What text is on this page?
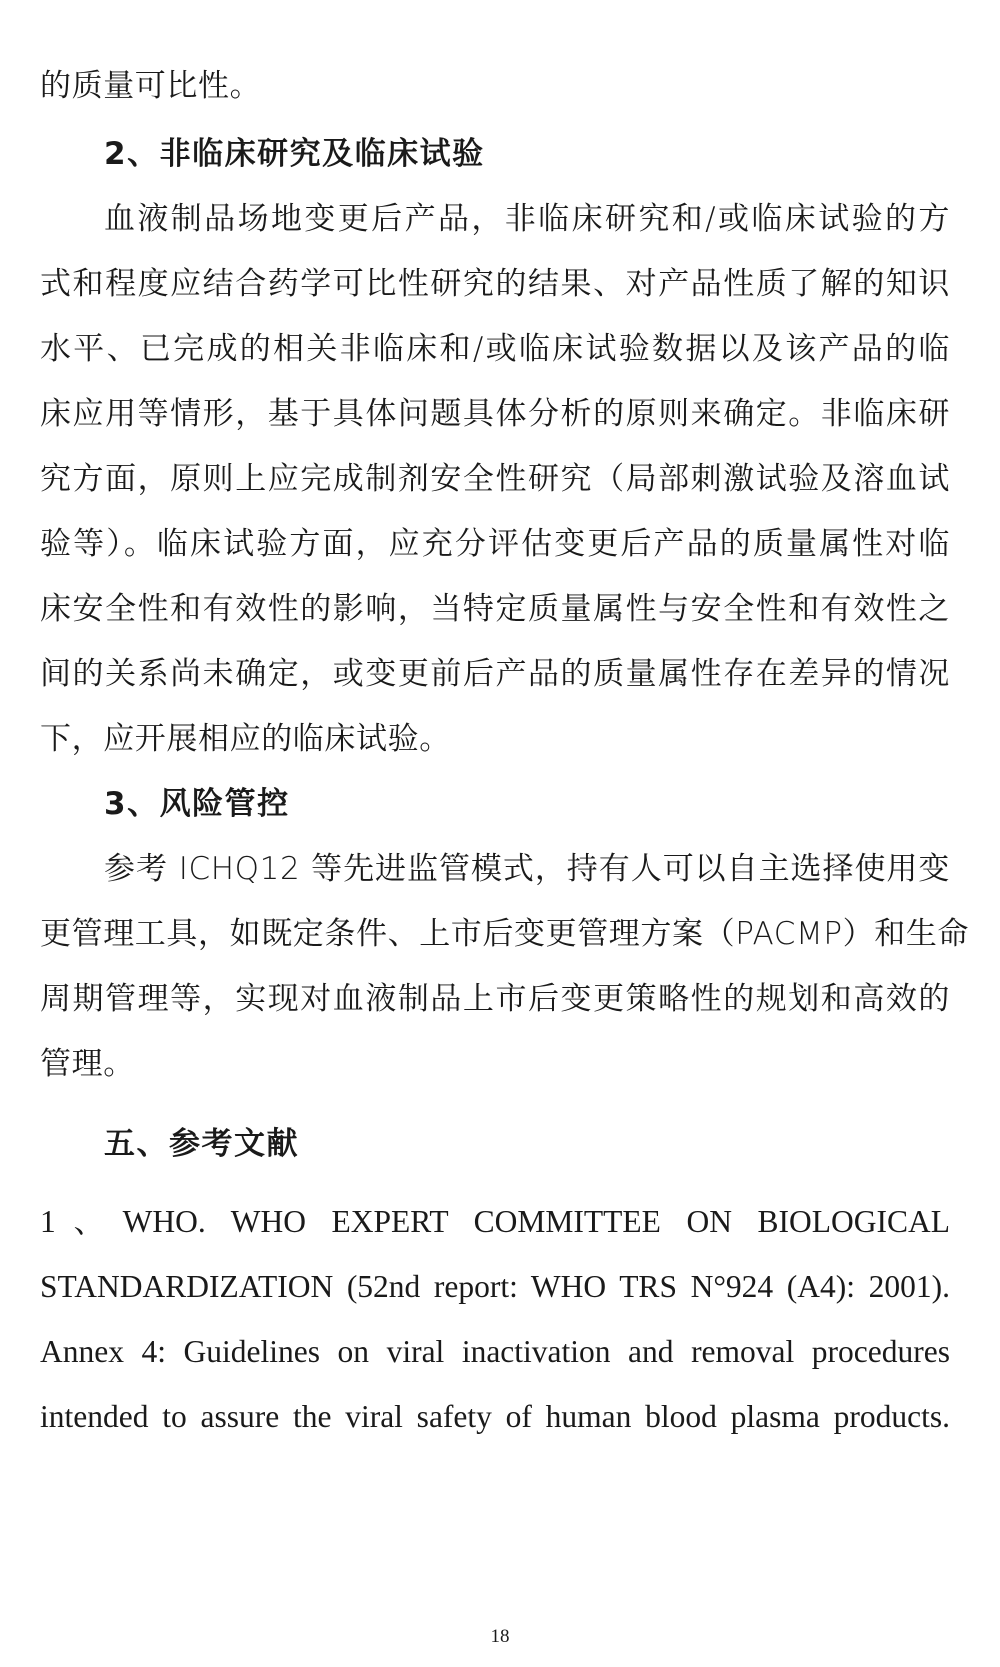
的质量可比性。
2、非临床研究及临床试验
血液制品场地变更后产品，非临床研究和/或临床试验的方
式和程度应结合药学可比性研究的结果、对产品性质了解的知识
水平、已完成的相关非临床和/或临床试验数据以及该产品的临
床应用等情形，基于具体问题具体分析的原则来确定。非临床研
究方面，原则上应完成制剂安全性研究（局部刺激试验及溶血试
验等）。临床试验方面，应充分评估变更后产品的质量属性对临
床安全性和有效性的影响，当特定质量属性与安全性和有效性之
间的关系尚未确定，或变更前后产品的质量属性存在差异的情况
下，应开展相应的临床试验。
3、风险管控
参考 ICHQ12 等先进监管模式，持有人可以自主选择使用变
更管理工具，如既定条件、上市后变更管理方案（PACMP）和生命
周期管理等，实现对血液制品上市后变更策略性的规划和高效的
管理。
五、参考文献
1、WHO. WHO EXPERT COMMITTEE ON BIOLOGICAL
STANDARDIZATION (52nd report: WHO TRS N°924 (A4): 2001).
Annex 4: Guidelines on viral inactivation and removal procedures
intended to assure the viral safety of human blood plasma products.
18
